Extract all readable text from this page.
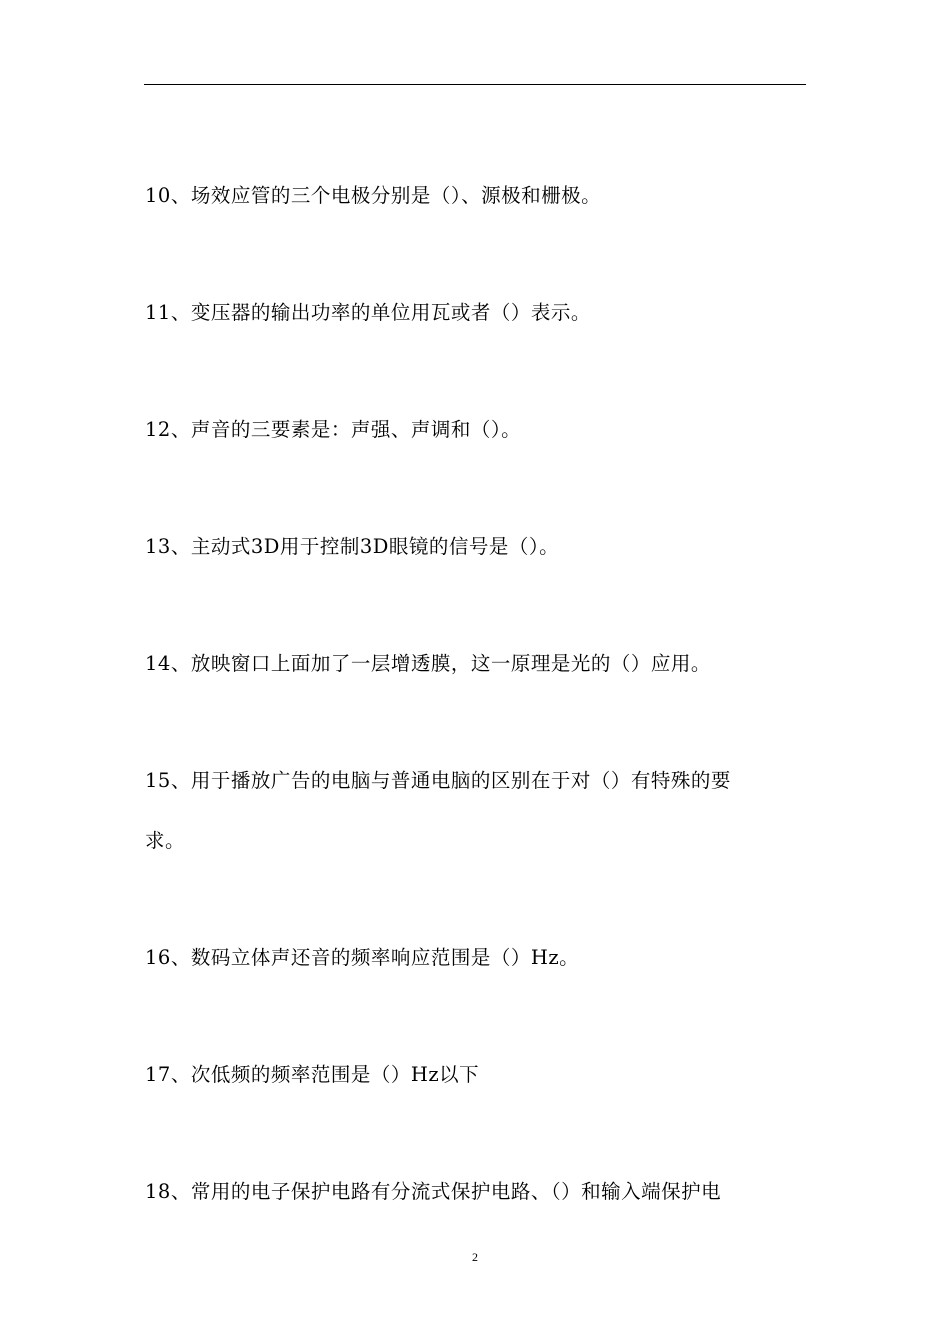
10、场效应管的三个电极分别是（）、源极和栅极。
11、变压器的输出功率的单位用瓦或者（）表示。
12、声音的三要素是：声强、声调和（）。
13、主动式3D用于控制3D眼镜的信号是（）。
14、放映窗口上面加了一层增透膜，这一原理是光的（）应用。
15、用于播放广告的电脑与普通电脑的区别在于对（）有特殊的要
求。
16、数码立体声还音的频率响应范围是（）Hz。
17、次低频的频率范围是（）Hz以下
18、常用的电子保护电路有分流式保护电路、（）和输入端保护电
2
